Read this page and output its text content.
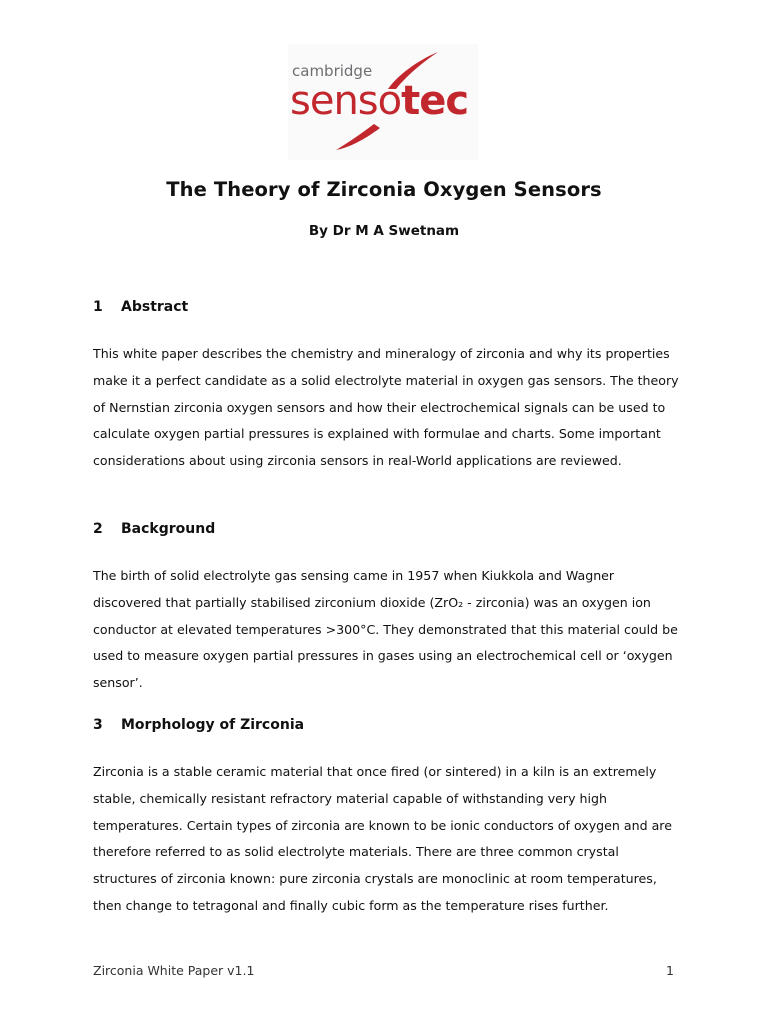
cambridge
sensotec
The Theory of Zirconia Oxygen Sensors

By Dr M A Swetnam

1	Abstract

This white paper describes the chemistry and mineralogy of zirconia and why its properties
make it a perfect candidate as a solid electrolyte material in oxygen gas sensors. The theory
of Nernstian zirconia oxygen sensors and how their electrochemical signals can be used to
calculate oxygen partial pressures is explained with formulae and charts. Some important
considerations about using zirconia sensors in real-World applications are reviewed.

2	Background

The birth of solid electrolyte gas sensing came in 1957 when Kiukkola and Wagner
discovered that partially stabilised zirconium dioxide (ZrO₂ - zirconia) was an oxygen ion
conductor at elevated temperatures >300°C. They demonstrated that this material could be
used to measure oxygen partial pressures in gases using an electrochemical cell or ‘oxygen
sensor’.

3	Morphology of Zirconia

Zirconia is a stable ceramic material that once fired (or sintered) in a kiln is an extremely
stable, chemically resistant refractory material capable of withstanding very high
temperatures. Certain types of zirconia are known to be ionic conductors of oxygen and are
therefore referred to as solid electrolyte materials. There are three common crystal
structures of zirconia known: pure zirconia crystals are monoclinic at room temperatures,
then change to tetragonal and finally cubic form as the temperature rises further.

Zirconia White Paper v1.1	1
